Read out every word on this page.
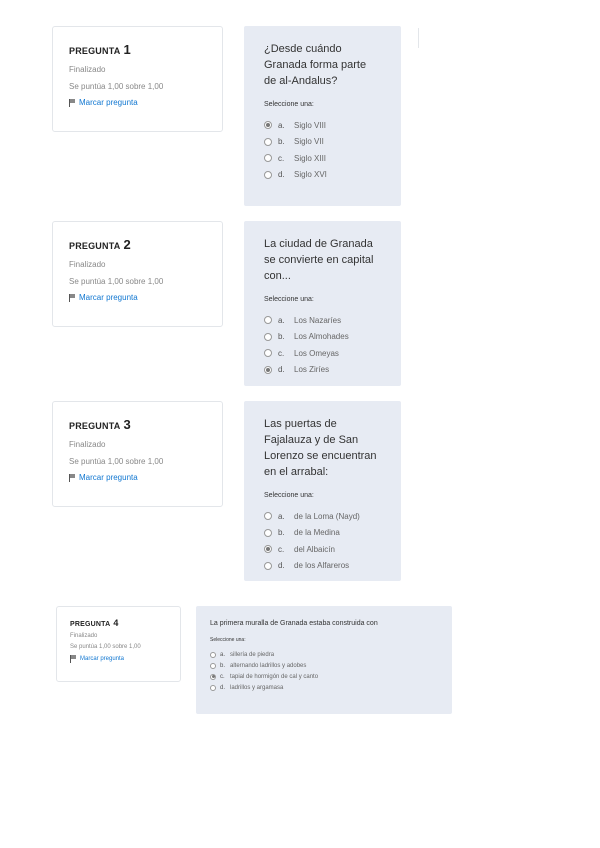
PREGUNTA 1
Finalizado
Se puntúa 1,00 sobre 1,00
Marcar pregunta
¿Desde cuándo Granada forma parte de al-Andalus?
Seleccione una:
a.	Siglo VIII
b.	Siglo VII
c.	Siglo XIII
d.	Siglo XVI
PREGUNTA 2
Finalizado
Se puntúa 1,00 sobre 1,00
Marcar pregunta
La ciudad de Granada se convierte en capital con...
Seleccione una:
a.	Los Nazaríes
b.	Los Almohades
c.	Los Omeyas
d.	Los Ziríes
PREGUNTA 3
Finalizado
Se puntúa 1,00 sobre 1,00
Marcar pregunta
Las puertas de Fajalauza y de San Lorenzo se encuentran en el arrabal:
Seleccione una:
a.	de la Loma (Nayd)
b.	de la Medina
c.	del Albaicín
d.	de los Alfareros
PREGUNTA 4
Finalizado
Se puntúa 1,00 sobre 1,00
Marcar pregunta
La primera muralla de Granada estaba construida con
Seleccione una:
a. sillería de piedra
b. alternando ladrillos y adobes
c. tapial de hormigón de cal y canto
d. ladrillos y argamasa
